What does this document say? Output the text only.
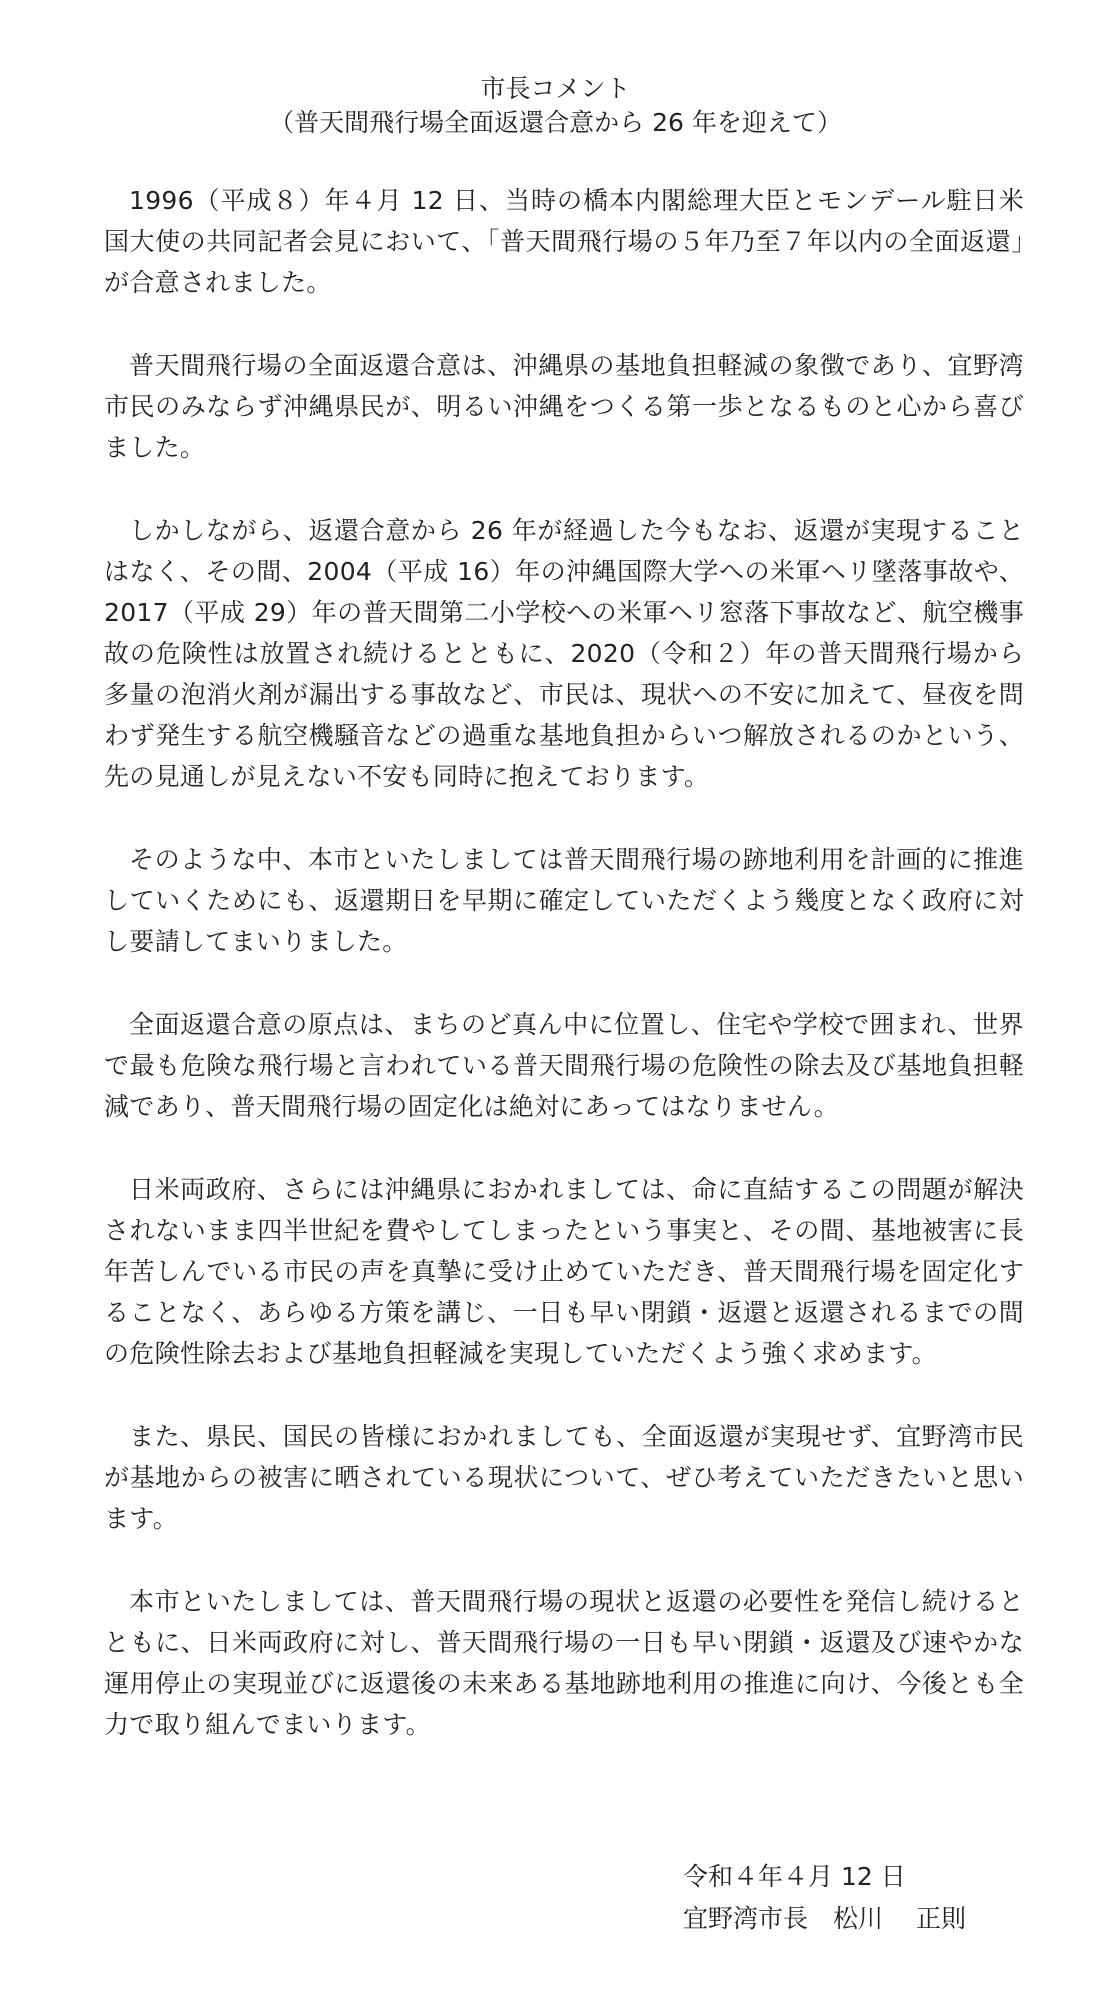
市長コメント
（普天間飛行場全面返還合意から 26 年を迎えて）

1996（平成８）年４月 12 日、当時の橋本内閣総理大臣とモンデール駐日米国大使の共同記者会見において、「普天間飛行場の５年乃至７年以内の全面返還」が合意されました。

普天間飛行場の全面返還合意は、沖縄県の基地負担軽減の象徴であり、宜野湾市民のみならず沖縄県民が、明るい沖縄をつくる第一歩となるものと心から喜びました。

しかしながら、返還合意から 26 年が経過した今もなお、返還が実現することはなく、その間、2004（平成 16）年の沖縄国際大学への米軍ヘリ墜落事故や、2017（平成 29）年の普天間第二小学校への米軍ヘリ窓落下事故など、航空機事故の危険性は放置され続けるとともに、2020（令和２）年の普天間飛行場から多量の泡消火剤が漏出する事故など、市民は、現状への不安に加えて、昼夜を問わず発生する航空機騒音などの過重な基地負担からいつ解放されるのかという、先の見通しが見えない不安も同時に抱えております。

そのような中、本市といたしましては普天間飛行場の跡地利用を計画的に推進していくためにも、返還期日を早期に確定していただくよう幾度となく政府に対し要請してまいりました。

全面返還合意の原点は、まちのど真ん中に位置し、住宅や学校で囲まれ、世界で最も危険な飛行場と言われている普天間飛行場の危険性の除去及び基地負担軽減であり、普天間飛行場の固定化は絶対にあってはなりません。

日米両政府、さらには沖縄県におかれましては、命に直結するこの問題が解決されないまま四半世紀を費やしてしまったという事実と、その間、基地被害に長年苦しんでいる市民の声を真摯に受け止めていただき、普天間飛行場を固定化することなく、あらゆる方策を講じ、一日も早い閉鎖・返還と返還されるまでの間の危険性除去および基地負担軽減を実現していただくよう強く求めます。

また、県民、国民の皆様におかれましても、全面返還が実現せず、宜野湾市民が基地からの被害に晒されている現状について、ぜひ考えていただきたいと思います。

本市といたしましては、普天間飛行場の現状と返還の必要性を発信し続けるとともに、日米両政府に対し、普天間飛行場の一日も早い閉鎖・返還及び速やかな運用停止の実現並びに返還後の未来ある基地跡地利用の推進に向け、今後とも全力で取り組んでまいります。

令和４年４月 12 日
宜野湾市長　松川　 正則
